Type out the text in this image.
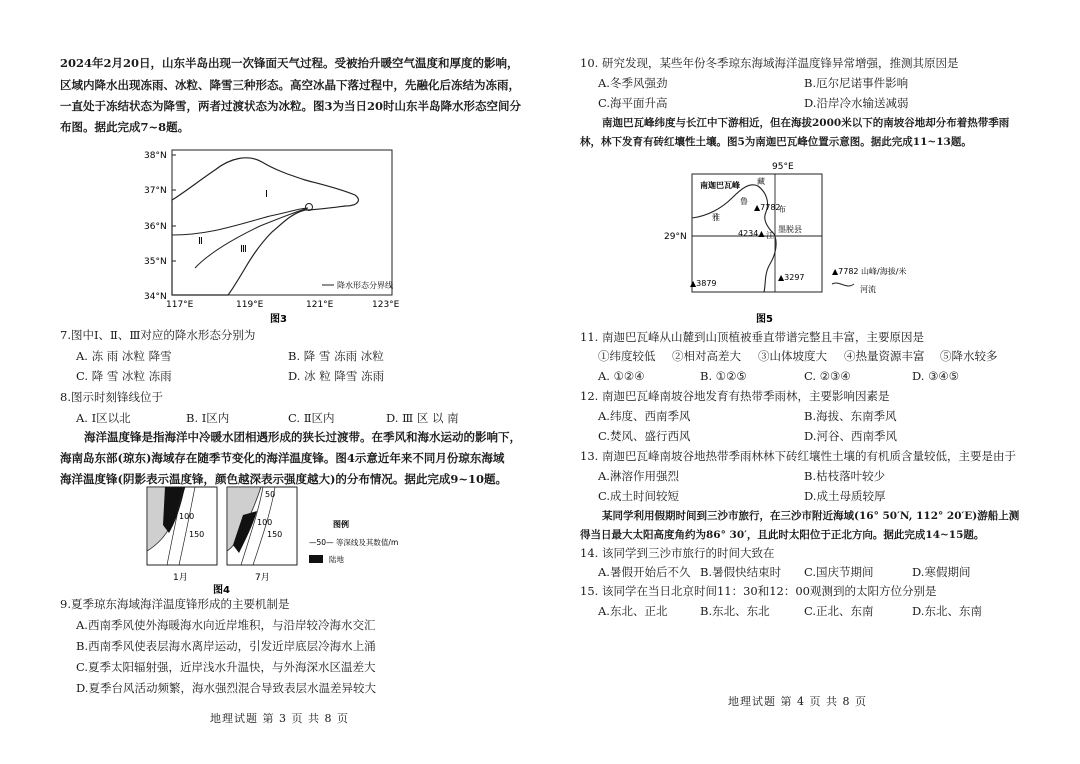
2024年2月20日，山东半岛出现一次锋面天气过程。受被抬升暖空气温度和厚度的影响，
区域内降水出现冻雨、冰粒、降雪三种形态。高空冰晶下落过程中，先融化后冻结为冻雨，
一直处于冻结状态为降雪，两者过渡状态为冰粒。图3为当日20时山东半岛降水形态空间分
布图。据此完成7~8题。
38°N
37°N
36°N
35°N
34°N
117°E	119°E	121°E	123°E
Ⅰ
Ⅱ
Ⅲ
降水形态分界线
图3
7.图中Ⅰ、Ⅱ、Ⅲ对应的降水形态分别为
A. 冻 雨 冰粒 降雪	B. 降 雪 冻雨 冰粒
C. 降 雪 冰粒 冻雨	D. 冰 粒 降雪 冻雨
8.图示时刻锋线位于
A. Ⅰ区以北	B. Ⅰ区内	C. Ⅱ区内	D. Ⅲ 区 以 南
海洋温度锋是指海洋中冷暖水团相遇形成的狭长过渡带。在季风和海水运动的影响下，
海南岛东部(琼东)海域存在随季节变化的海洋温度锋。图4示意近年来不同月份琼东海域
海洋温度锋(阴影表示温度锋，颜色越深表示强度越大)的分布情况。据此完成9~10题。
100
150
1月
50
100
150
7月
图例
—50— 等深线及其数值/m
陆地
图4
9.夏季琼东海域海洋温度锋形成的主要机制是
A.西南季风使外海暖海水向近岸堆积，与沿岸较冷海水交汇
B.西南季风使表层海水离岸运动，引发近岸底层冷海水上涌
C.夏季太阳辐射强，近岸浅水升温快，与外海深水区温差大
D.夏季台风活动频繁，海水强烈混合导致表层水温差异较大
地理试题 第 3 页 共 8 页
10. 研究发现，某些年份冬季琼东海域海洋温度锋异常增强，推测其原因是
A.冬季风强劲	B.厄尔尼诺事件影响
C.海平面升高	D.沿岸冷水输送减弱
南迦巴瓦峰纬度与长江中下游相近，但在海拔2000米以下的南坡谷地却分布着热带季雨
林，林下发育有砖红壤性土壤。图5为南迦巴瓦峰位置示意图。据此完成11~13题。
95°E
29°N
南迦巴瓦峰 藏
鲁
布
雅
江
墨脱县
▲7782
4234▲
▲3879
▲3297
▲7782 山峰/海拔/米
河流
图5
11. 南迦巴瓦峰从山麓到山顶植被垂直带谱完整且丰富，主要原因是
①纬度较低 ②相对高差大 ③山体坡度大 ④热量资源丰富 ⑤降水较多
A. ①②④	B. ①②⑤	C. ②③④	D. ③④⑤
12. 南迦巴瓦峰南坡谷地发育有热带季雨林，主要影响因素是
A.纬度、西南季风	B.海拔、东南季风
C.焚风、盛行西风	D.河谷、西南季风
13. 南迦巴瓦峰南坡谷地热带季雨林林下砖红壤性土壤的有机质含量较低，主要是由于
A.淋溶作用强烈	B.枯枝落叶较少
C.成土时间较短	D.成土母质较厚
某同学利用假期时间到三沙市旅行，在三沙市附近海域(16° 50′N, 112° 20′E)游船上测
得当日最大太阳高度角约为86° 30′，且此时太阳位于正北方向。据此完成14~15题。
14. 该同学到三沙市旅行的时间大致在
A.暑假开始后不久 B.暑假快结束时 C.国庆节期间	D.寒假期间
15. 该同学在当日北京时间11：30和12：00观测到的太阳方位分别是
A.东北、正北	B.东北、东北	C.正北、东南	D.东北、东南
地理试题 第 4 页 共 8 页
